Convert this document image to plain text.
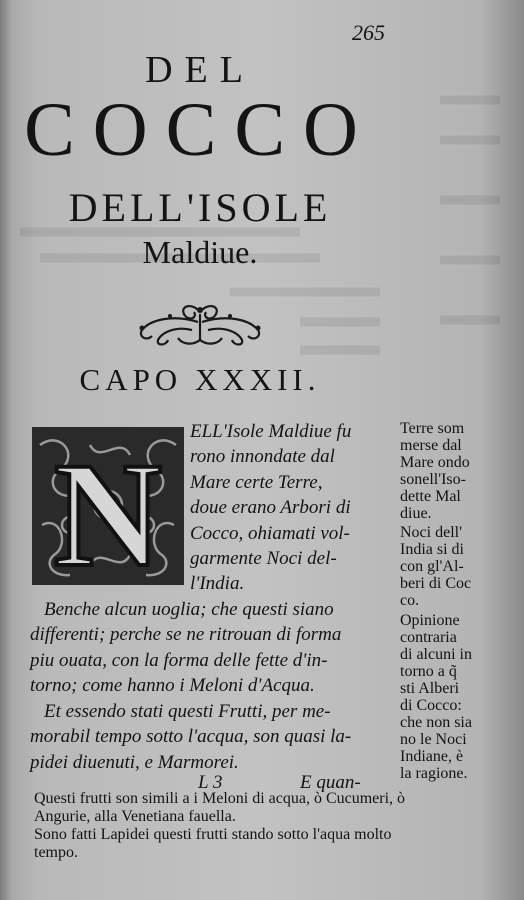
265
DEL
COCCO
DELL'ISOLE
Maldiue.
CAPO XXXII.
N
ELL'Isole Maldiue fu
rono innondate dal
Mare certe Terre,
doue erano Arbori di
Cocco, ohiamati vol-
garmente Noci del-
l'India.
Benche alcun uoglia; che questi siano
differenti; perche se ne ritrouan di forma
piu ouata, con la forma delle fette d'in-
torno; come hanno i Meloni d'Acqua.
Et essendo stati questi Frutti, per me-
morabil tempo sotto l'acqua, son quasi la-
pidei diuenuti, e Marmorei.
L 3	E quan-
Terre som
merse dal
Mare ondo
sonell'Iso-
dette Mal
diue.
Noci dell'
India si di
con gl'Al-
beri di Coc
co.
Opinione
contraria
di alcuni in
torno a q̃
sti Alberi
di Cocco:
che non sia
no le Noci
Indiane, è
la ragione.
Questi frutti son simili a i Meloni di acqua, ò Cucumeri, ò
Angurie, alla Venetiana fauella.
Sono fatti Lapidei questi frutti stando sotto l'aqua molto
tempo.
